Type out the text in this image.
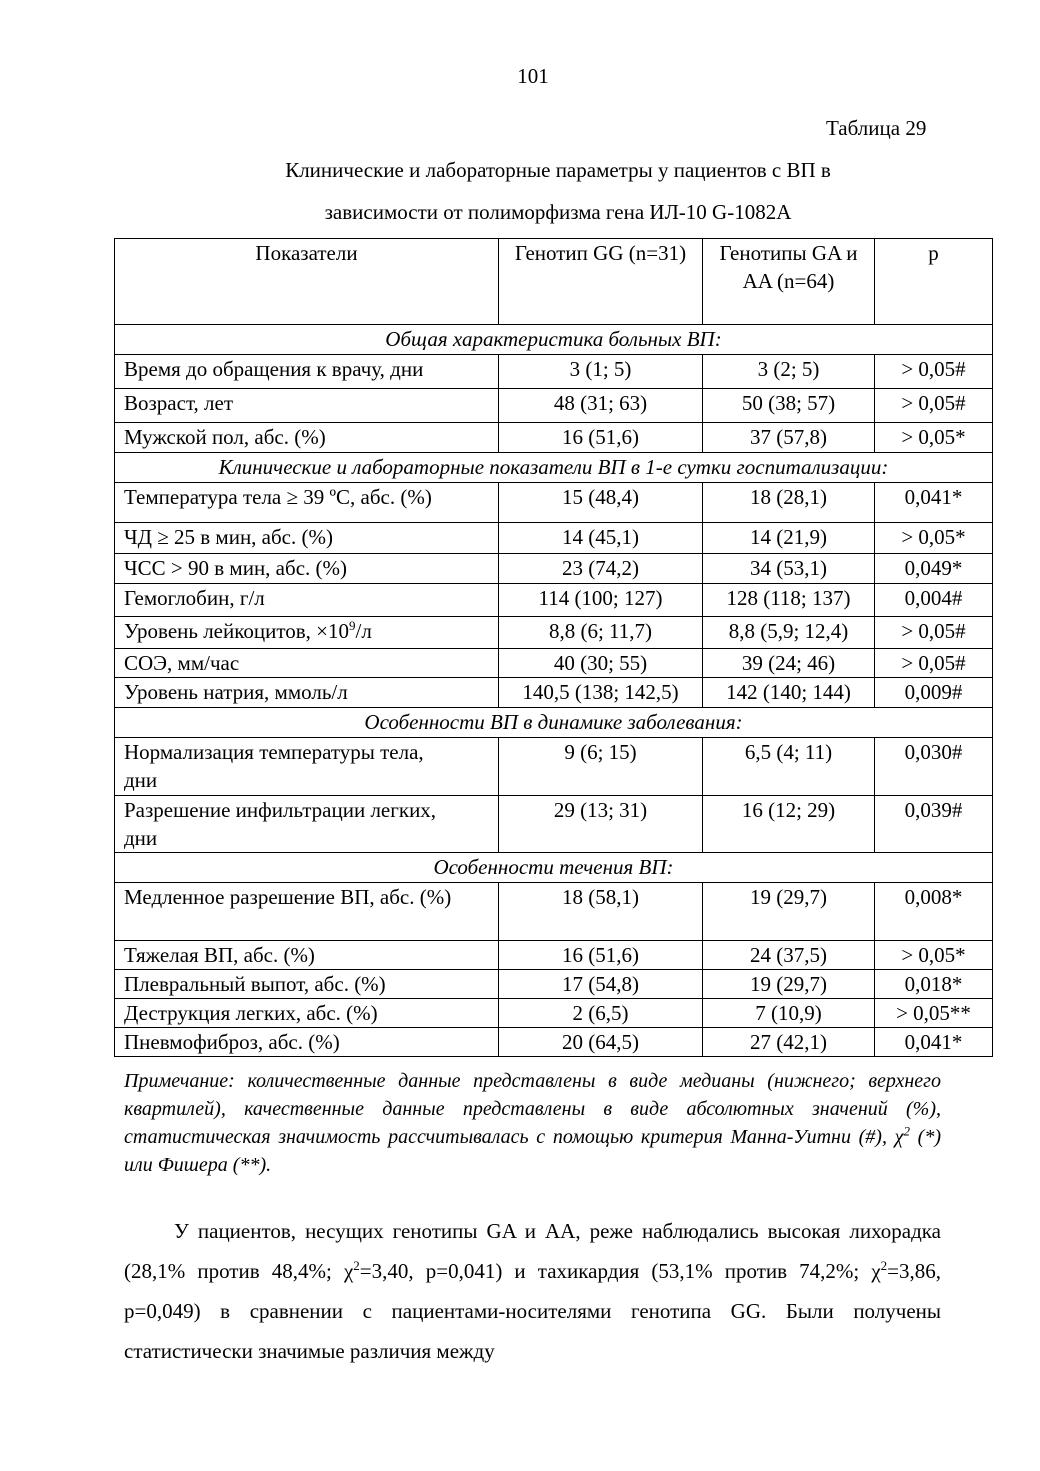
101
Таблица 29
Клинические и лабораторные параметры у пациентов с ВП в
зависимости от полиморфизма гена ИЛ-10 G-1082A
Показатели	Генотип GG (n=31)	Генотипы GA и AA (n=64)	p
Общая характеристика больных ВП:			
Время до обращения к врачу, дни	3 (1; 5)	3 (2; 5)	> 0,05#
Возраст, лет	48 (31; 63)	50 (38; 57)	> 0,05#
Мужской пол, абс. (%)	16 (51,6)	37 (57,8)	> 0,05*
Клинические и лабораторные показатели ВП в 1-е сутки госпитализации:			
Температура тела ≥ 39 ºС, абс. (%)	15 (48,4)	18 (28,1)	0,041*
ЧД ≥ 25 в мин, абс. (%)	14 (45,1)	14 (21,9)	> 0,05*
ЧСС > 90 в мин, абс. (%)	23 (74,2)	34 (53,1)	0,049*
Гемоглобин, г/л	114 (100; 127)	128 (118; 137)	0,004#
Уровень лейкоцитов, $\times 10^9/л$	8,8 (6; 11,7)	8,8 (5,9; 12,4)	> 0,05#
СОЭ, мм/час	40 (30; 55)	39 (24; 46)	> 0,05#
Уровень натрия, ммоль/л	140,5 (138; 142,5)	142 (140; 144)	0,009#
Особенности ВП в динамике заболевания:			
Нормализация температуры тела, дни	9 (6; 15)	6,5 (4; 11)	0,030#
Разрешение инфильтрации легких, дни	29 (13; 31)	16 (12; 29)	0,039#
Особенности течения ВП:			
Медленное разрешение ВП, абс. (%)	18 (58,1)	19 (29,7)	0,008*
Тяжелая ВП, абс. (%)	16 (51,6)	24 (37,5)	> 0,05*
Плевральный выпот, абс. (%)	17 (54,8)	19 (29,7)	0,018*
Деструкция легких, абс. (%)	2 (6,5)	7 (10,9)	> 0,05**
Пневмофиброз, абс. (%)	20 (64,5)	27 (42,1)	0,041*
Примечание: количественные данные представлены в виде медианы (нижнего; верхнего квартилей), качественные данные представлены в виде абсолютных значений (%), статистическая значимость рассчитывалась с помощью критерия Манна-Уитни (#), $\chi^2$ (*) или Фишера (**).
У пациентов, несущих генотипы GA и AA, реже наблюдались высокая лихорадка (28,1% против 48,4%; $\chi^2=3,40$, p=0,041) и тахикардия (53,1% против 74,2%; $\chi^2=3,86$, p=0,049) в сравнении с пациентами-носителями генотипа GG. Были получены статистически значимые различия между
